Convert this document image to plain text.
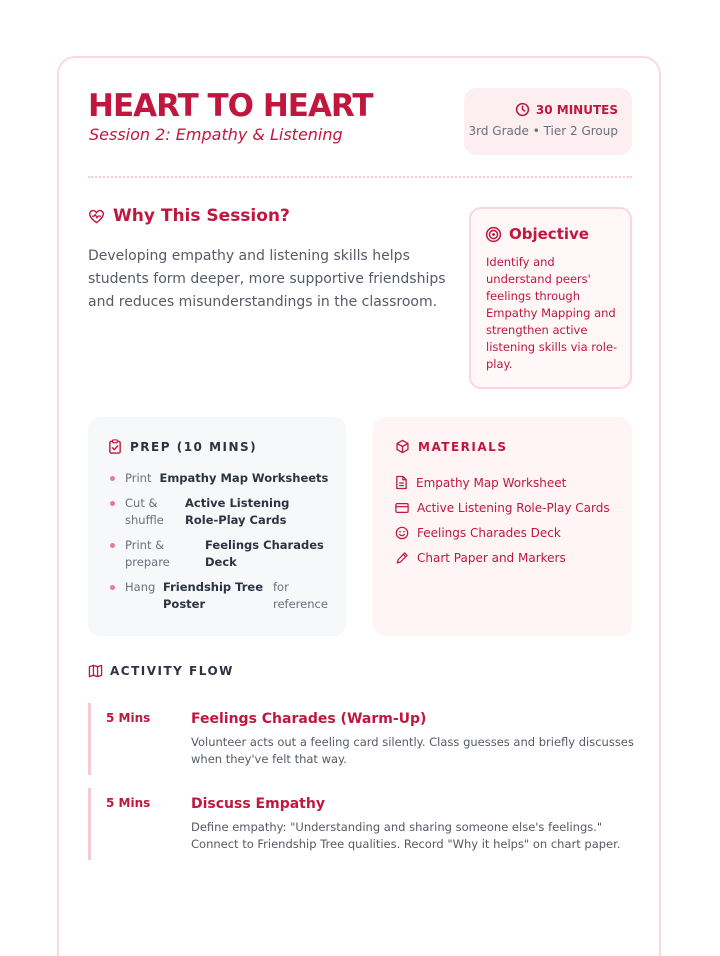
HEART TO HEART

Session 2: Empathy & Listening

30 MINUTES
3rd Grade • Tier 2 Group
Why This Session?

Developing empathy and listening skills helps students form deeper, more supportive friendships and reduces misunderstandings in the classroom.

Objective

Identify and understand peers' feelings through Empathy Mapping and strengthen active listening skills via role-play.

PREP (10 MINS)
Print Empathy Map Worksheets
Cut & shuffle
Active Listening Role-Play Cards
Print & prepare
Feelings Charades Deck
Hang Friendship Tree Poster
for reference
MATERIALS
Empathy Map Worksheet
Active Listening Role-Play Cards
Feelings Charades Deck
Chart Paper and Markers
ACTIVITY FLOW
5 Mins	Feelings Charades (Warm-Up)

Volunteer acts out a feeling card silently. Class guesses and briefly discusses when they've felt that way.

5 Mins	Discuss Empathy

Define empathy: "Understanding and sharing someone else's feelings." Connect to Friendship Tree qualities. Record "Why it helps" on chart paper.
